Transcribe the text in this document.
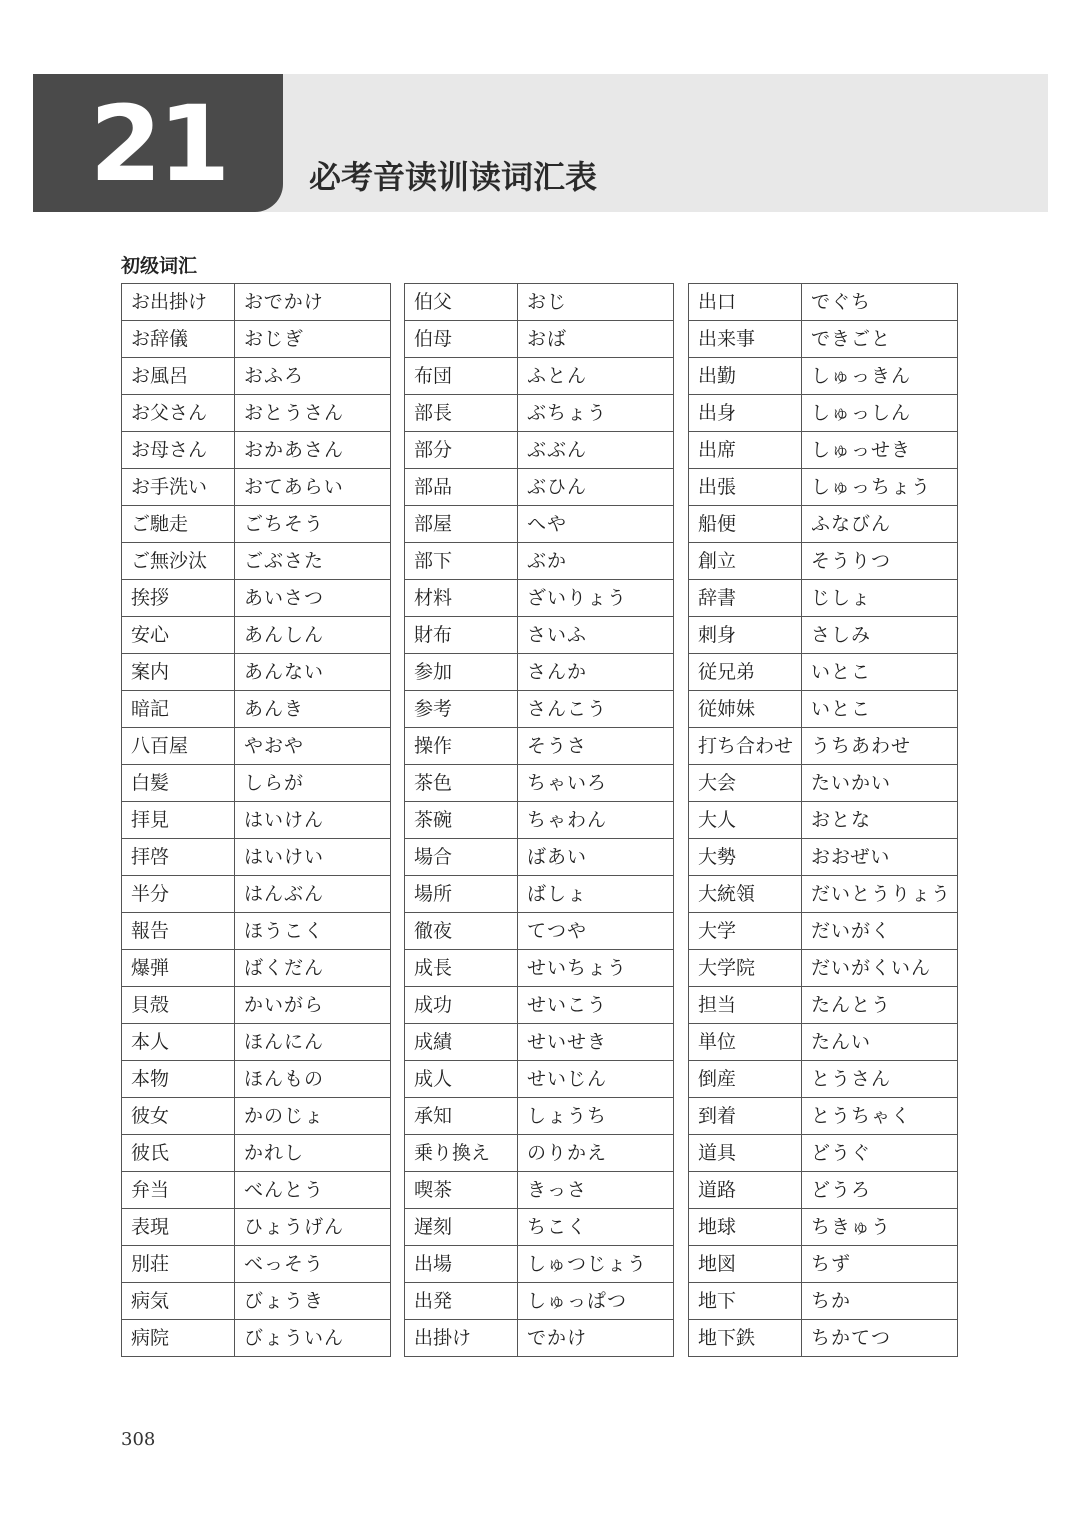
21	必考音读训读词汇表
初级词汇
お出掛け	おでかけ
お辞儀	おじぎ
お風呂	おふろ
お父さん	おとうさん
お母さん	おかあさん
お手洗い	おてあらい
ご馳走	ごちそう
ご無沙汰	ごぶさた
挨拶	あいさつ
安心	あんしん
案内	あんない
暗記	あんき
八百屋	やおや
白髪	しらが
拝見	はいけん
拝啓	はいけい
半分	はんぶん
報告	ほうこく
爆弾	ばくだん
貝殻	かいがら
本人	ほんにん
本物	ほんもの
彼女	かのじょ
彼氏	かれし
弁当	べんとう
表現	ひょうげん
別荘	べっそう
病気	びょうき
病院	びょういん
伯父	おじ
伯母	おば
布団	ふとん
部長	ぶちょう
部分	ぶぶん
部品	ぶひん
部屋	へや
部下	ぶか
材料	ざいりょう
財布	さいふ
参加	さんか
参考	さんこう
操作	そうさ
茶色	ちゃいろ
茶碗	ちゃわん
場合	ばあい
場所	ばしょ
徹夜	てつや
成長	せいちょう
成功	せいこう
成績	せいせき
成人	せいじん
承知	しょうち
乗り換え	のりかえ
喫茶	きっさ
遅刻	ちこく
出場	しゅつじょう
出発	しゅっぱつ
出掛け	でかけ
出口	でぐち
出来事	できごと
出勤	しゅっきん
出身	しゅっしん
出席	しゅっせき
出張	しゅっちょう
船便	ふなびん
創立	そうりつ
辞書	じしょ
刺身	さしみ
従兄弟	いとこ
従姉妹	いとこ
打ち合わせ	うちあわせ
大会	たいかい
大人	おとな
大勢	おおぜい
大統領	だいとうりょう
大学	だいがく
大学院	だいがくいん
担当	たんとう
単位	たんい
倒産	とうさん
到着	とうちゃく
道具	どうぐ
道路	どうろ
地球	ちきゅう
地図	ちず
地下	ちか
地下鉄	ちかてつ
308
